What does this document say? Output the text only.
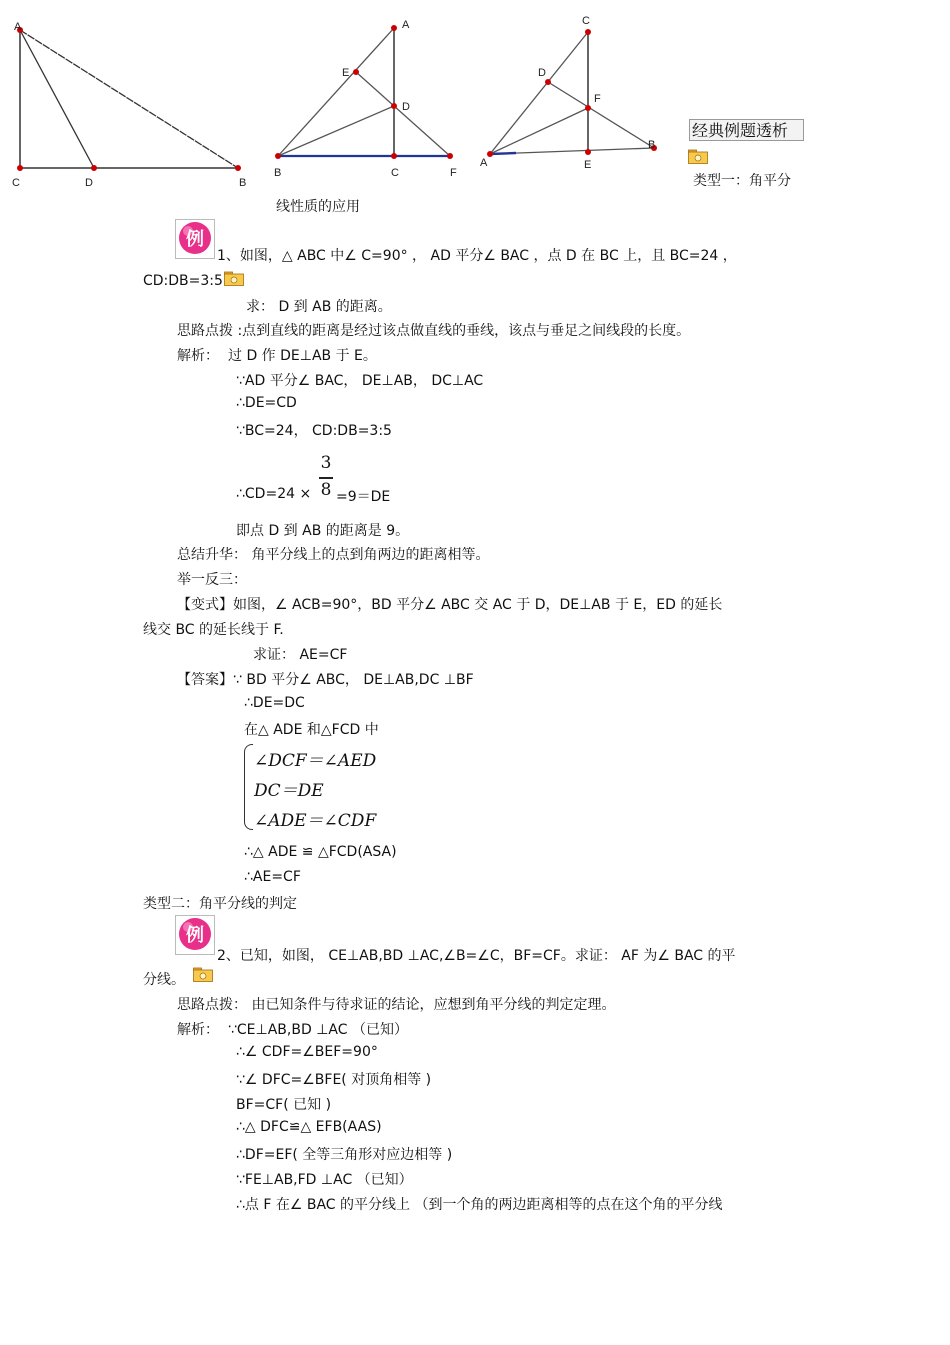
A
C	D	B
A
E
D
B	C	F
C
D
F
B
A	E
经典例题透析
类型一：角平分
线性质的应用
例
1、如图，△ ABC 中∠ C=90° ， AD 平分∠ BAC ，点 D 在 BC 上，且 BC=24 ，
CD:DB=3:5
求： D 到 AB 的距离。
思路点拨 :点到直线的距离是经过该点做直线的垂线，该点与垂足之间线段的长度。
解析： 过 D 作 DE⊥AB 于 E。
∵AD 平分∠ BAC， DE⊥AB， DC⊥AC
∴DE=CD
∵BC=24， CD:DB=3:5
3
8
∴CD=24 × =9＝DE
即点 D 到 AB 的距离是 9。
总结升华： 角平分线上的点到角两边的距离相等。
举一反三：
【变式】如图，∠ ACB=90°，BD 平分∠ ABC 交 AC 于 D，DE⊥AB 于 E，ED 的延长
线交 BC 的延长线于 F.
求证： AE=CF
【答案】∵ BD 平分∠ ABC， DE⊥AB,DC ⊥BF
∴DE=DC
在△ ADE 和△FCD 中
∠DCF＝∠AED
DC＝DE
∠ADE＝∠CDF
∴△ ADE ≌ △FCD(ASA)
∴AE=CF
类型二：角平分线的判定
例
2、已知，如图， CE⊥AB,BD ⊥AC,∠B=∠C，BF=CF。求证： AF 为∠ BAC 的平
分线。
思路点拨： 由已知条件与待求证的结论，应想到角平分线的判定定理。
解析： ∵CE⊥AB,BD ⊥AC （已知）
∴∠ CDF=∠BEF=90°
∵∠ DFC=∠BFE( 对顶角相等 )
BF=CF( 已知 )
∴△ DFC≌△ EFB(AAS)
∴DF=EF( 全等三角形对应边相等 )
∵FE⊥AB,FD ⊥AC （已知）
∴点 F 在∠ BAC 的平分线上 （到一个角的两边距离相等的点在这个角的平分线
